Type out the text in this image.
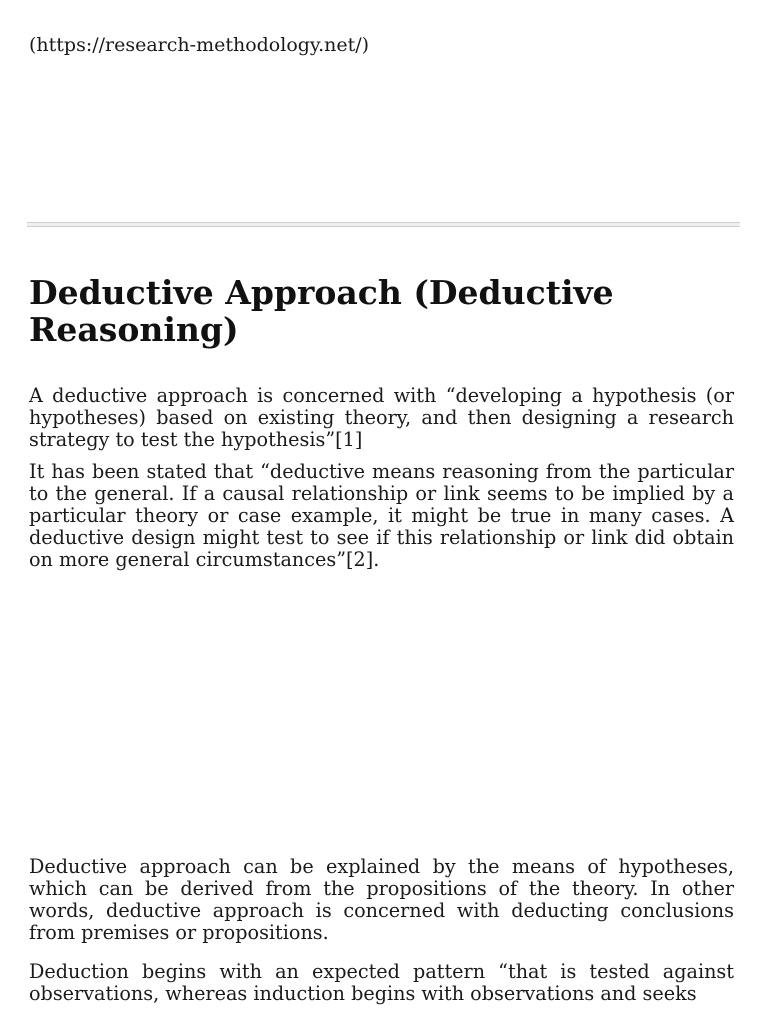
(https://research-methodology.net/)
Deductive Approach (Deductive Reasoning)

A deductive approach is concerned with “developing a hypothesis (or hypotheses) based on existing theory, and then designing a research strategy to test the hypothesis”[1]

It has been stated that “deductive means reasoning from the particular to the general. If a causal relationship or link seems to be implied by a particular theory or case example, it might be true in many cases. A deductive design might test to see if this relationship or link did obtain on more general circumstances”[2].

Deductive approach can be explained by the means of hypotheses, which can be derived from the propositions of the theory. In other words, deductive approach is concerned with deducting conclusions from premises or propositions.

Deduction begins with an expected pattern “that is tested against observations, whereas induction begins with observations and seeks
